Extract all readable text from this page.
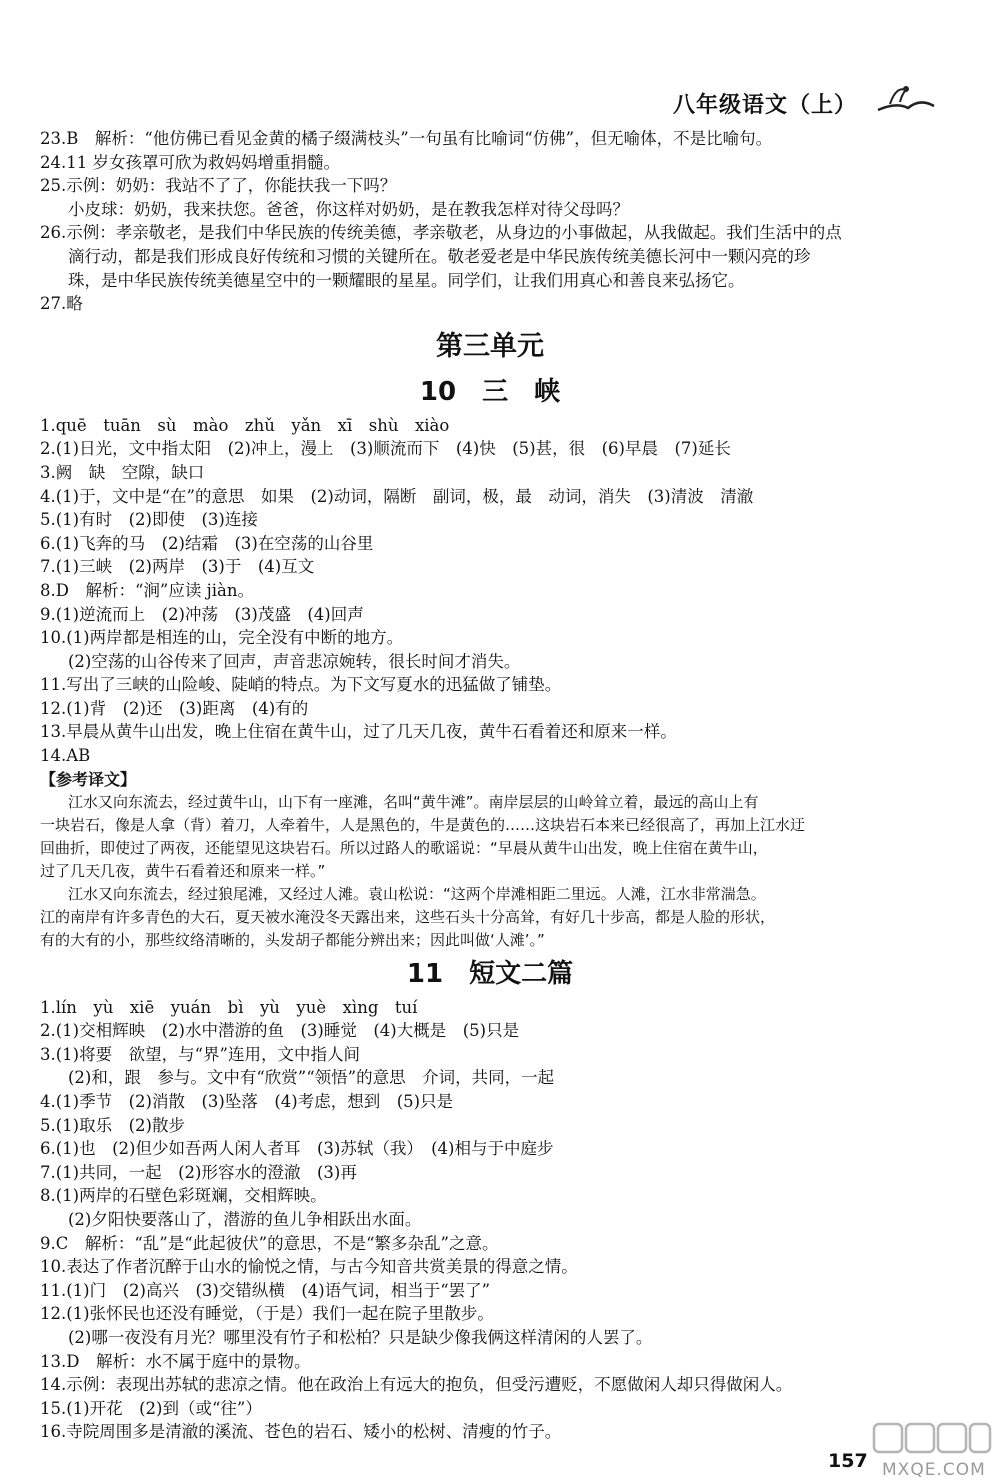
八年级语文（上）
23.B　解析：“他仿佛已看见金黄的橘子缀满枝头”一句虽有比喻词“仿佛”，但无喻体，不是比喻句。
24.11 岁女孩罩可欣为救妈妈增重捐髓。
25.示例：奶奶：我站不了了，你能扶我一下吗？
小皮球：奶奶，我来扶您。爸爸，你这样对奶奶，是在教我怎样对待父母吗？
26.示例：孝亲敬老，是我们中华民族的传统美德，孝亲敬老，从身边的小事做起，从我做起。我们生活中的点
滴行动，都是我们形成良好传统和习惯的关键所在。敬老爱老是中华民族传统美德长河中一颗闪亮的珍
珠，是中华民族传统美德星空中的一颗耀眼的星星。同学们，让我们用真心和善良来弘扬它。
27.略
第三单元
10　三　峡
1.quē　tuān　sù　mào　zhǔ　yǎn　xī　shù　xiào
2.(1)日光，文中指太阳　(2)冲上，漫上　(3)顺流而下　(4)快　(5)甚，很　(6)早晨　(7)延长
3.阙　缺　空隙，缺口
4.(1)于，文中是“在”的意思　如果　(2)动词，隔断　副词，极，最　动词，消失　(3)清波　清澈
5.(1)有时　(2)即使　(3)连接
6.(1)飞奔的马　(2)结霜　(3)在空荡的山谷里
7.(1)三峡　(2)两岸　(3)于　(4)互文
8.D　解析：“涧”应读 jiàn。
9.(1)逆流而上　(2)冲荡　(3)茂盛　(4)回声
10.(1)两岸都是相连的山，完全没有中断的地方。
(2)空荡的山谷传来了回声，声音悲凉婉转，很长时间才消失。
11.写出了三峡的山险峻、陡峭的特点。为下文写夏水的迅猛做了铺垫。
12.(1)背　(2)还　(3)距离　(4)有的
13.早晨从黄牛山出发，晚上住宿在黄牛山，过了几天几夜，黄牛石看着还和原来一样。
14.AB
【参考译文】
江水又向东流去，经过黄牛山，山下有一座滩，名叫“黄牛滩”。南岸层层的山岭耸立着，最远的高山上有
一块岩石，像是人拿（背）着刀，人牵着牛，人是黑色的，牛是黄色的……这块岩石本来已经很高了，再加上江水迂
回曲折，即使过了两夜，还能望见这块岩石。所以过路人的歌谣说：“早晨从黄牛山出发，晚上住宿在黄牛山，
过了几天几夜，黄牛石看着还和原来一样。”
江水又向东流去，经过狼尾滩，又经过人滩。袁山松说：“这两个岸滩相距二里远。人滩，江水非常湍急。
江的南岸有许多青色的大石，夏天被水淹没冬天露出来，这些石头十分高耸，有好几十步高，都是人脸的形状，
有的大有的小，那些纹络清晰的，头发胡子都能分辨出来；因此叫做‘人滩’。”
11　短文二篇
1.lín　yù　xiē　yuán　bì　yù　yuè　xìng　tuí
2.(1)交相辉映　(2)水中潜游的鱼　(3)睡觉　(4)大概是　(5)只是
3.(1)将要　欲望，与“界”连用，文中指人间
(2)和，跟　参与。文中有“欣赏”“领悟”的意思　介词，共同，一起
4.(1)季节　(2)消散　(3)坠落　(4)考虑，想到　(5)只是
5.(1)取乐　(2)散步
6.(1)也　(2)但少如吾两人闲人者耳　(3)苏轼（我）　(4)相与于中庭步
7.(1)共同，一起　(2)形容水的澄澈　(3)再
8.(1)两岸的石壁色彩斑斓，交相辉映。
(2)夕阳快要落山了，潜游的鱼儿争相跃出水面。
9.C　解析：“乱”是“此起彼伏”的意思，不是“繁多杂乱”之意。
10.表达了作者沉醉于山水的愉悦之情，与古今知音共赏美景的得意之情。
11.(1)门　(2)高兴　(3)交错纵横　(4)语气词，相当于“罢了”
12.(1)张怀民也还没有睡觉，（于是）我们一起在院子里散步。
(2)哪一夜没有月光？哪里没有竹子和松柏？只是缺少像我俩这样清闲的人罢了。
13.D　解析：水不属于庭中的景物。
14.示例：表现出苏轼的悲凉之情。他在政治上有远大的抱负，但受污遭贬，不愿做闲人却只得做闲人。
15.(1)开花　(2)到（或“往”）
16.寺院周围多是清澈的溪流、苍色的岩石、矮小的松树、清瘦的竹子。
157 MXQE.COM
